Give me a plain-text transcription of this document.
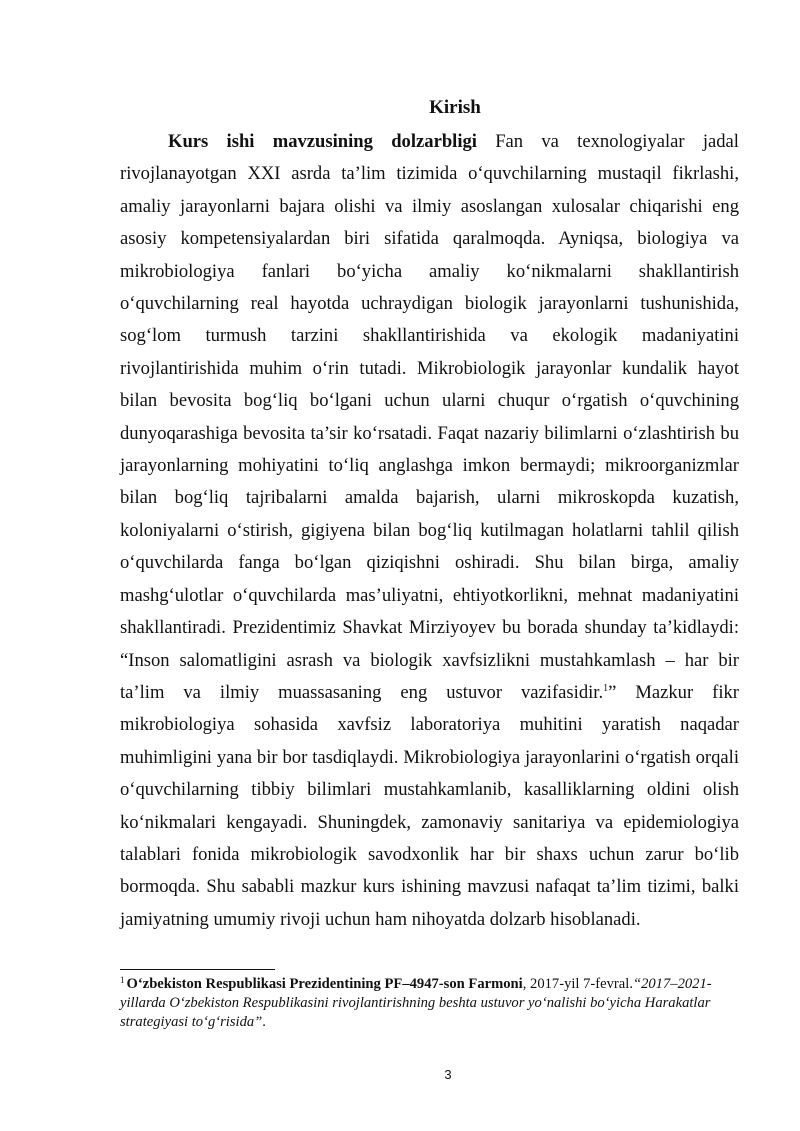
Kirish

Kurs ishi mavzusining dolzarbligi Fan va texnologiyalar jadal rivojlanayotgan XXI asrda ta’lim tizimida o‘quvchilarning mustaqil fikrlashi, amaliy jarayonlarni bajara olishi va ilmiy asoslangan xulosalar chiqarishi eng asosiy kompetensiyalardan biri sifatida qaralmoqda. Ayniqsa, biologiya va mikrobiologiya fanlari bo‘yicha amaliy ko‘nikmalarni shakllantirish o‘quvchilarning real hayotda uchraydigan biologik jarayonlarni tushunishida, sog‘lom turmush tarzini shakllantirishida va ekologik madaniyatini rivojlantirishida muhim o‘rin tutadi. Mikrobiologik jarayonlar kundalik hayot bilan bevosita bog‘liq bo‘lgani uchun ularni chuqur o‘rgatish o‘quvchining dunyoqarashiga bevosita ta’sir ko‘rsatadi. Faqat nazariy bilimlarni o‘zlashtirish bu jarayonlarning mohiyatini to‘liq anglashga imkon bermaydi; mikroorganizmlar bilan bog‘liq tajribalarni amalda bajarish, ularni mikroskopda kuzatish, koloniyalarni o‘stirish, gigiyena bilan bog‘liq kutilmagan holatlarni tahlil qilish o‘quvchilarda fanga bo‘lgan qiziqishni oshiradi. Shu bilan birga, amaliy mashg‘ulotlar o‘quvchilarda mas’uliyatni, ehtiyotkorlikni, mehnat madaniyatini shakllantiradi. Prezidentimiz Shavkat Mirziyoyev bu borada shunday ta’kidlaydi: “Inson salomatligini asrash va biologik xavfsizlikni mustahkamlash – har bir ta’lim va ilmiy muassasaning eng ustuvor vazifasidir.$^1$” Mazkur fikr mikrobiologiya sohasida xavfsiz laboratoriya muhitini yaratish naqadar muhimligini yana bir bor tasdiqlaydi. Mikrobiologiya jarayonlarini o‘rgatish orqali o‘quvchilarning tibbiy bilimlari mustahkamlanib, kasalliklarning oldini olish ko‘nikmalari kengayadi. Shuningdek, zamonaviy sanitariya va epidemiologiya talablari fonida mikrobiologik savodxonlik har bir shaxs uchun zarur bo‘lib bormoqda. Shu sababli mazkur kurs ishining mavzusi nafaqat ta’lim tizimi, balki jamiyatning umumiy rivoji uchun ham nihoyatda dolzarb hisoblanadi.

$^1$ O‘zbekiston Respublikasi Prezidentining PF–4947-son Farmoni, 2017-yil 7-fevral.“2017–2021-yillarda O‘zbekiston Respublikasini rivojlantirishning beshta ustuvor yo‘nalishi bo‘yicha Harakatlar strategiyasi to‘g‘risida”.

3
